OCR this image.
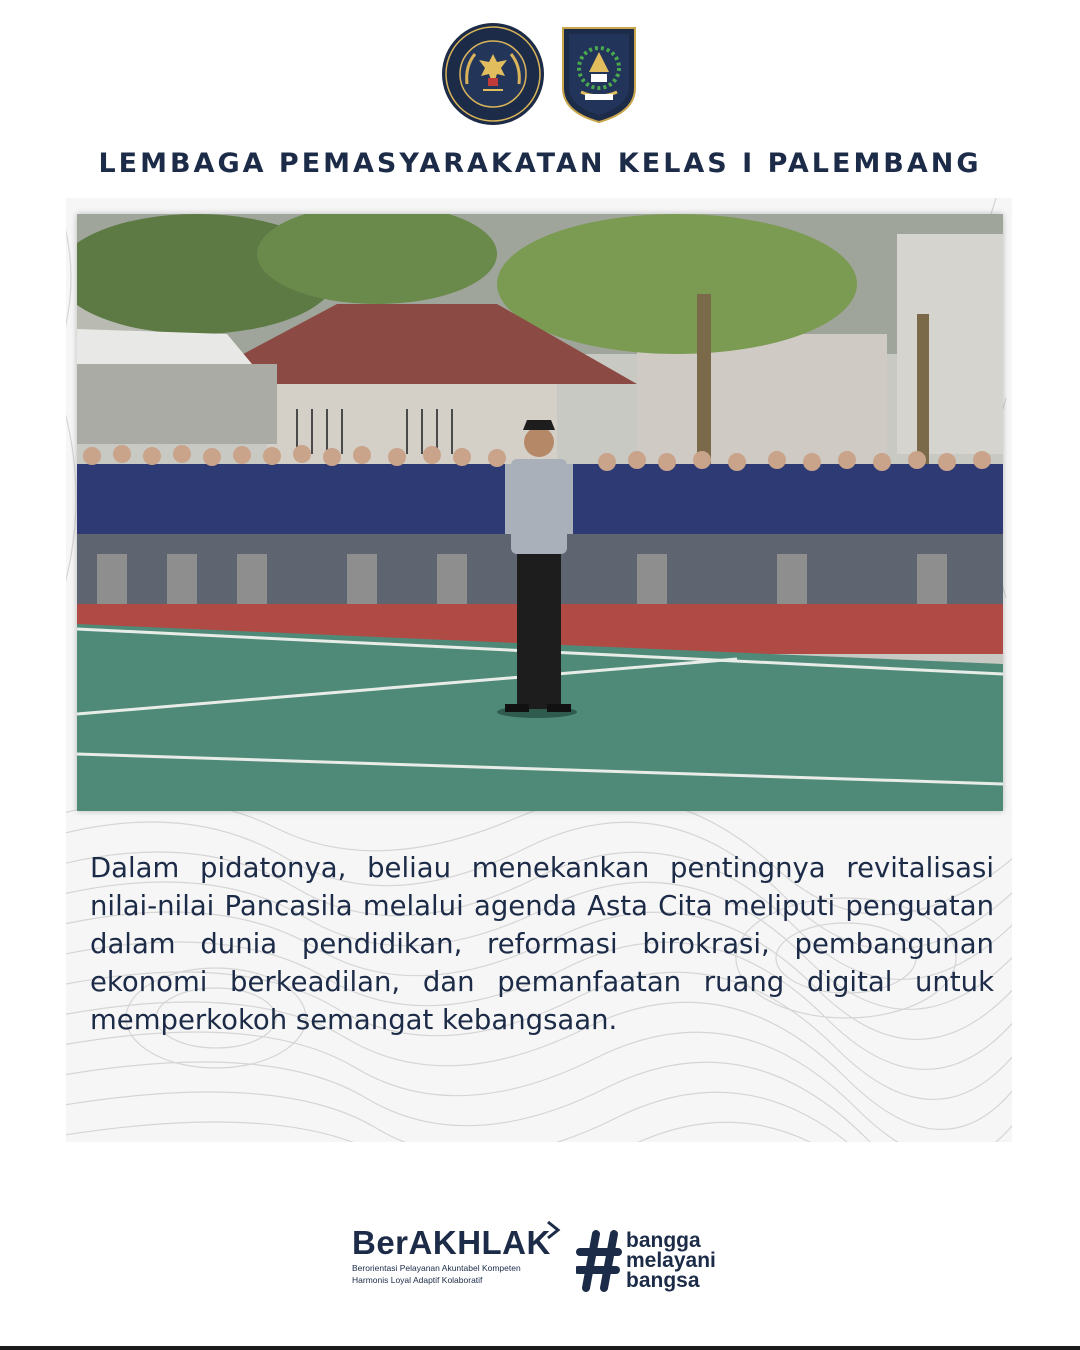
LEMBAGA PEMASYARAKATAN KELAS I PALEMBANG
Dalam pidatonya, beliau menekankan pentingnya revitalisasi nilai-nilai Pancasila melalui agenda Asta Cita meliputi penguatan dalam dunia pendidikan, reformasi birokrasi, pembangunan ekonomi berkeadilan, dan pemanfaatan ruang digital untuk memperkokoh semangat kebangsaan.
BerAKHLAK
Berorientasi Pelayanan Akuntabel Kompeten
Harmonis Loyal Adaptif Kolaboratif
bangga
melayani
bangsa
